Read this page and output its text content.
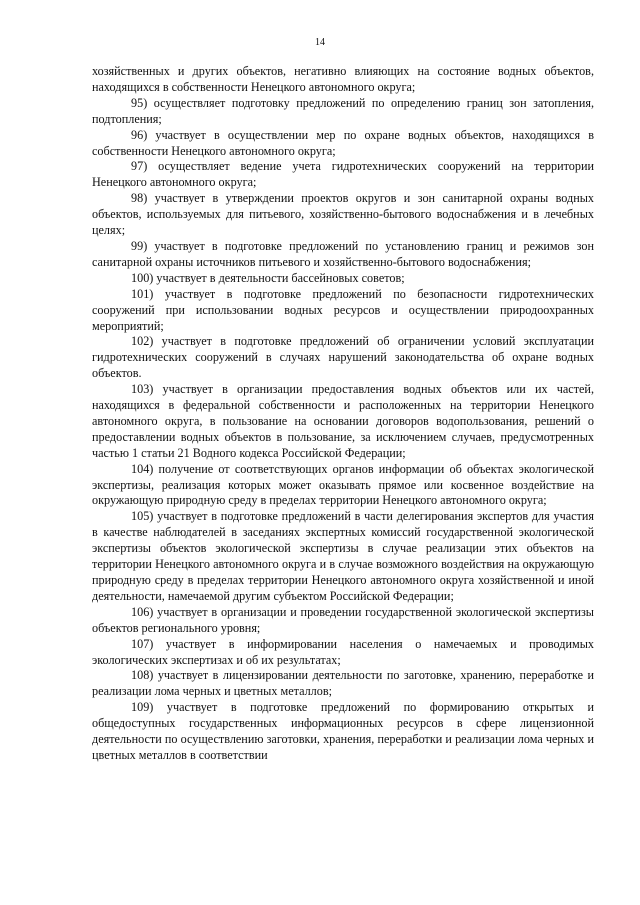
14

хозяйственных и других объектов, негативно влияющих на состояние водных объектов, находящихся в собственности Ненецкого автономного округа;

95) осуществляет подготовку предложений по определению границ зон затопления, подтопления;

96) участвует в осуществлении мер по охране водных объектов, находящихся в собственности Ненецкого автономного округа;

97) осуществляет ведение учета гидротехнических сооружений на территории Ненецкого автономного округа;

98) участвует в утверждении проектов округов и зон санитарной охраны водных объектов, используемых для питьевого, хозяйственно-бытового водоснабжения и в лечебных целях;

99) участвует в подготовке предложений по установлению границ и режимов зон санитарной охраны источников питьевого и хозяйственно-бытового водоснабжения;

100) участвует в деятельности бассейновых советов;

101) участвует в подготовке предложений по безопасности гидротехнических сооружений при использовании водных ресурсов и осуществлении природоохранных мероприятий;

102) участвует в подготовке предложений об ограничении условий эксплуатации гидротехнических сооружений в случаях нарушений законодательства об охране водных объектов.

103) участвует в организации предоставления водных объектов или их частей, находящихся в федеральной собственности и расположенных на территории Ненецкого автономного округа, в пользование на основании договоров водопользования, решений о предоставлении водных объектов в пользование, за исключением случаев, предусмотренных частью 1 статьи 21 Водного кодекса Российской Федерации;

104) получение от соответствующих органов информации об объектах экологической экспертизы, реализация которых может оказывать прямое или косвенное воздействие на окружающую природную среду в пределах территории Ненецкого автономного округа;

105) участвует в подготовке предложений в части делегирования экспертов для участия в качестве наблюдателей в заседаниях экспертных комиссий государственной экологической экспертизы объектов экологической экспертизы в случае реализации этих объектов на территории Ненецкого автономного округа и в случае возможного воздействия на окружающую природную среду в пределах территории Ненецкого автономного округа хозяйственной и иной деятельности, намечаемой другим субъектом Российской Федерации;

106) участвует в организации и проведении государственной экологической экспертизы объектов регионального уровня;

107) участвует в информировании населения о намечаемых и проводимых экологических экспертизах и об их результатах;

108) участвует в лицензировании деятельности по заготовке, хранению, переработке и реализации лома черных и цветных металлов;

109) участвует в подготовке предложений по формированию открытых и общедоступных государственных информационных ресурсов в сфере лицензионной деятельности по осуществлению заготовки, хранения, переработки и реализации лома черных и цветных металлов в соответствии
